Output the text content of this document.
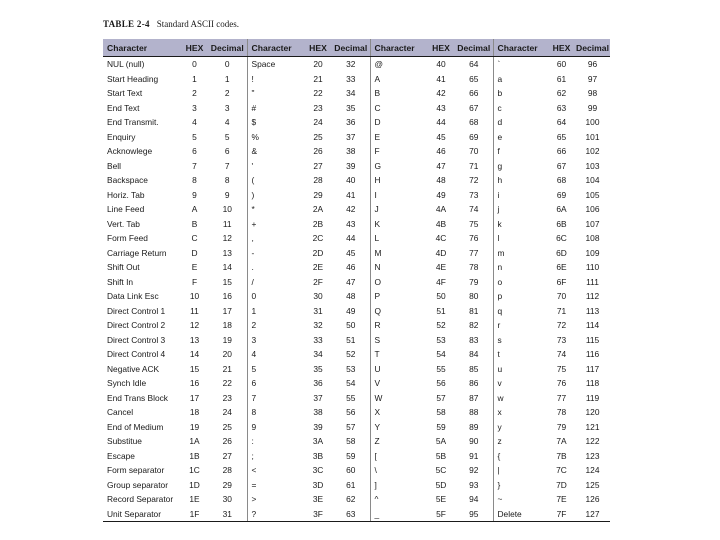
TABLE 2-4 Standard ASCII codes.
Character	HEX	Decimal	Character	HEX	Decimal	Character	HEX	Decimal	Character	HEX	Decimal
NUL (null)	0	0	Space	20	32	@	40	64	`	60	96
Start Heading	1	1	!	21	33	A	41	65	a	61	97
Start Text	2	2	"	22	34	B	42	66	b	62	98
End Text	3	3	#	23	35	C	43	67	c	63	99
End Transmit.	4	4	$	24	36	D	44	68	d	64	100
Enquiry	5	5	%	25	37	E	45	69	e	65	101
Acknowlege	6	6	&	26	38	F	46	70	f	66	102
Bell	7	7	'	27	39	G	47	71	g	67	103
Backspace	8	8	(	28	40	H	48	72	h	68	104
Horiz. Tab	9	9	)	29	41	I	49	73	i	69	105
Line Feed	A	10	*	2A	42	J	4A	74	j	6A	106
Vert. Tab	B	11	+	2B	43	K	4B	75	k	6B	107
Form Feed	C	12	,	2C	44	L	4C	76	l	6C	108
Carriage Return	D	13	-	2D	45	M	4D	77	m	6D	109
Shift Out	E	14	.	2E	46	N	4E	78	n	6E	110
Shift In	F	15	/	2F	47	O	4F	79	o	6F	111
Data Link Esc	10	16	0	30	48	P	50	80	p	70	112
Direct Control 1	11	17	1	31	49	Q	51	81	q	71	113
Direct Control 2	12	18	2	32	50	R	52	82	r	72	114
Direct Control 3	13	19	3	33	51	S	53	83	s	73	115
Direct Control 4	14	20	4	34	52	T	54	84	t	74	116
Negative ACK	15	21	5	35	53	U	55	85	u	75	117
Synch Idle	16	22	6	36	54	V	56	86	v	76	118
End Trans Block	17	23	7	37	55	W	57	87	w	77	119
Cancel	18	24	8	38	56	X	58	88	x	78	120
End of Medium	19	25	9	39	57	Y	59	89	y	79	121
Substitue	1A	26	:	3A	58	Z	5A	90	z	7A	122
Escape	1B	27	;	3B	59	[	5B	91	{	7B	123
Form separator	1C	28	<	3C	60	\	5C	92	|	7C	124
Group separator	1D	29	=	3D	61	]	5D	93	}	7D	125
Record Separator	1E	30	>	3E	62	^	5E	94	~	7E	126
Unit Separator	1F	31	?	3F	63	_	5F	95	Delete	7F	127
